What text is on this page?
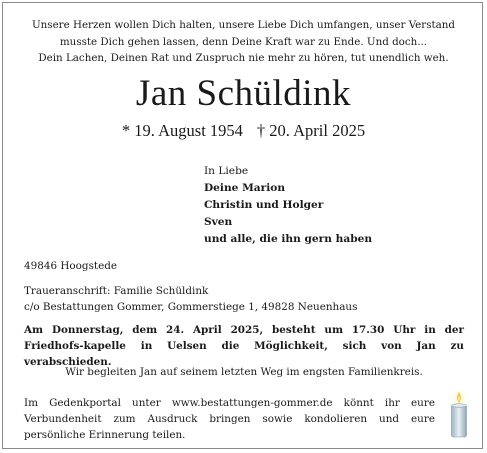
Unsere Herzen wollen Dich halten, unsere Liebe Dich umfangen, unser Verstand
musste Dich gehen lassen, denn Deine Kraft war zu Ende. Und doch...
Dein Lachen, Deinen Rat und Zuspruch nie mehr zu hören, tut unendlich weh.
Jan Schüldink
* 19. August 1954 † 20. April 2025
In Liebe
Deine Marion
Christin und Holger
Sven
und alle, die ihn gern haben
49846 Hoogstede
Traueranschrift: Familie Schüldink
c/o Bestattungen Gommer, Gommerstiege 1, 49828 Neuenhaus
Am Donnerstag, dem 24. April 2025, besteht um 17.30 Uhr in der Friedhofs-kapelle in Uelsen die Möglichkeit, sich von Jan zu verabschieden.
Wir begleiten Jan auf seinem letzten Weg im engsten Familienkreis.
Im Gedenkportal unter www.bestattungen-gommer.de könnt ihr eure Verbundenheit zum Ausdruck bringen sowie kondolieren und eure persönliche Erinnerung teilen.
